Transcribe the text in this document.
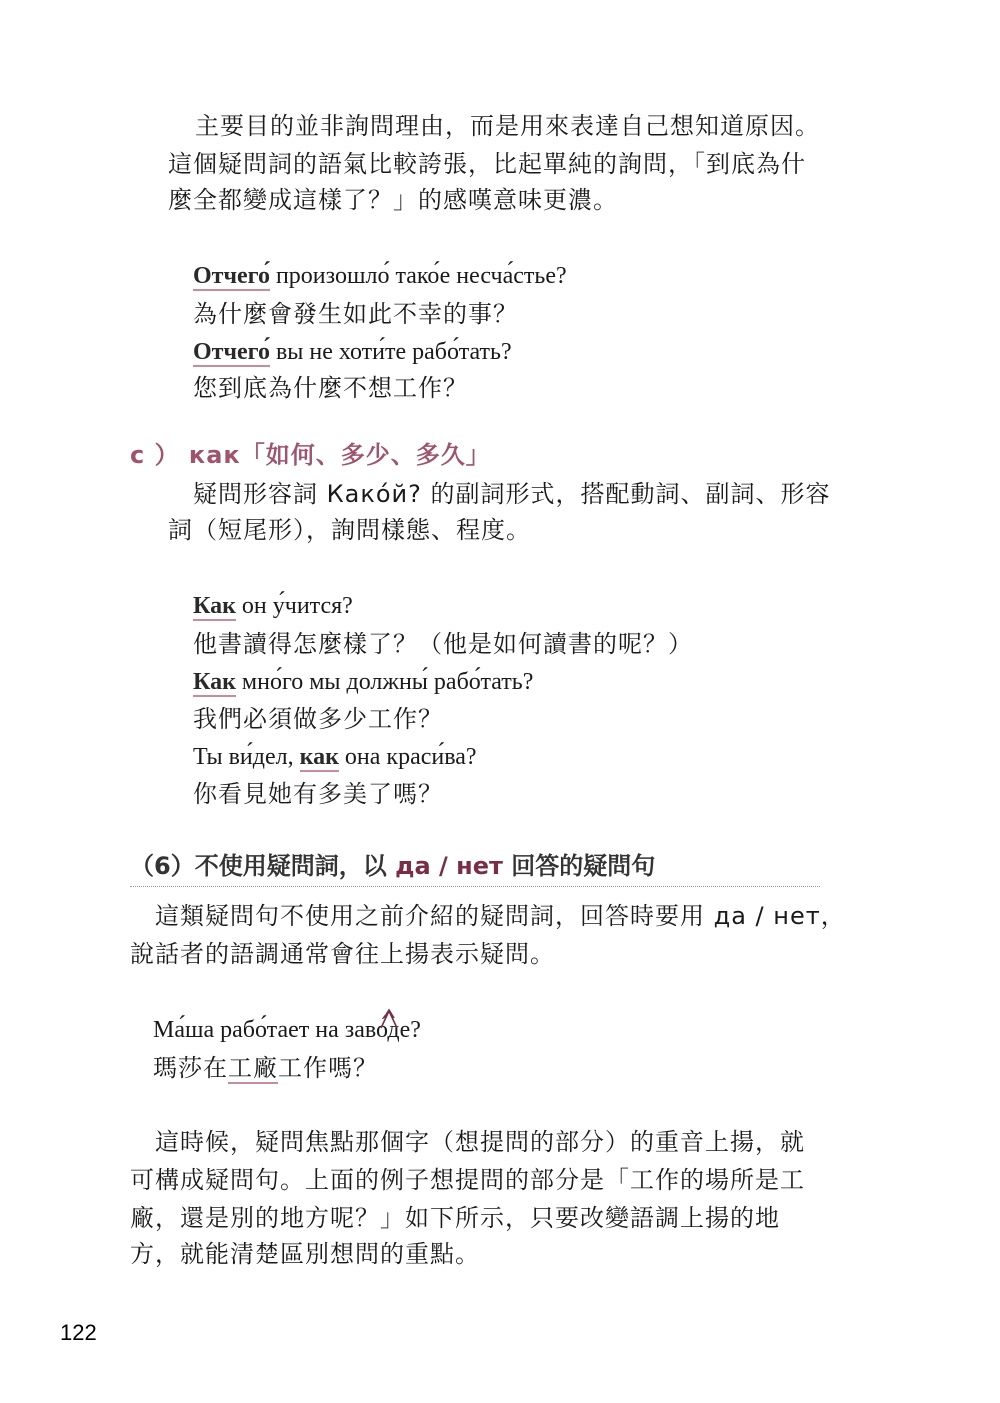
主要目的並非詢問理由，而是用來表達自己想知道原因。

這個疑問詞的語氣比較誇張，比起單純的詢問，「到底為什

麼全都變成這樣了？」的感嘆意味更濃。

Отчего́ произошло́ тако́е несча́стье?

為什麼會發生如此不幸的事？

Отчего́ вы не хоти́те рабо́тать?

您到底為什麼不想工作？

c ） как「如何、多少、多久」

疑問形容詞 Како́й? 的副詞形式，搭配動詞、副詞、形容

詞（短尾形），詢問樣態、程度。

Как он у́чится?

他書讀得怎麼樣了？（他是如何讀書的呢？）

Как мно́го мы должны́ рабо́тать?

我們必須做多少工作？

Ты ви́дел, как она краси́ва?

你看見她有多美了嗎？

（6）不使用疑問詞，以 да / нет 回答的疑問句

這類疑問句不使用之前介紹的疑問詞，回答時要用 да / нет，

說話者的語調通常會往上揚表示疑問。

Ма́ша рабо́тает на заво́де?

瑪莎在工廠工作嗎？

這時候，疑問焦點那個字（想提問的部分）的重音上揚，就

可構成疑問句。上面的例子想提問的部分是「工作的場所是工

廠，還是別的地方呢？」如下所示，只要改變語調上揚的地

方，就能清楚區別想問的重點。

122
